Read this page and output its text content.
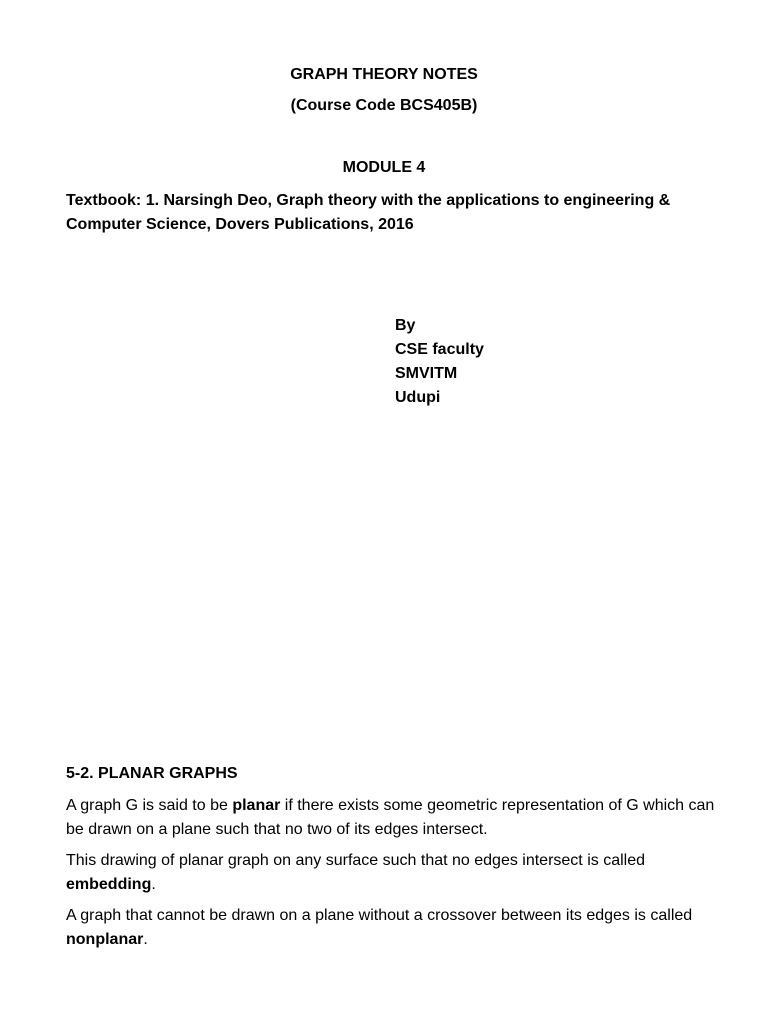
GRAPH THEORY NOTES
(Course Code BCS405B)
MODULE 4
Textbook: 1. Narsingh Deo, Graph theory with the applications to engineering & Computer Science, Dovers Publications, 2016
By
CSE faculty
SMVITM
Udupi
5-2. PLANAR GRAPHS
A graph G is said to be planar if there exists some geometric representation of G which can be drawn on a plane such that no two of its edges intersect.
This drawing of planar graph on any surface such that no edges intersect is called embedding.
A graph that cannot be drawn on a plane without a crossover between its edges is called nonplanar.
